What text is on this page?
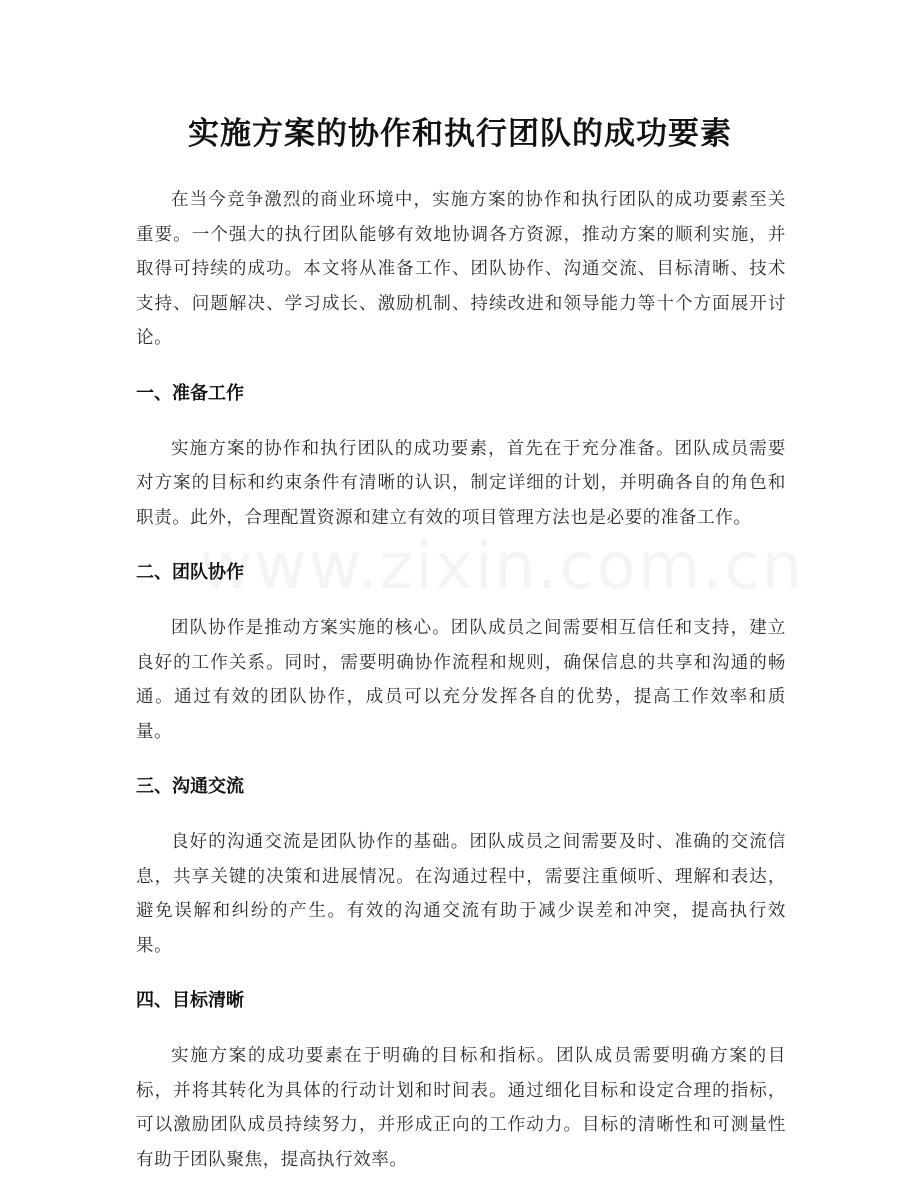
实施方案的协作和执行团队的成功要素

在当今竞争激烈的商业环境中，实施方案的协作和执行团队的成功要素至关重要。一个强大的执行团队能够有效地协调各方资源，推动方案的顺利实施，并取得可持续的成功。本文将从准备工作、团队协作、沟通交流、目标清晰、技术支持、问题解决、学习成长、激励机制、持续改进和领导能力等十个方面展开讨论。

一、准备工作

实施方案的协作和执行团队的成功要素，首先在于充分准备。团队成员需要对方案的目标和约束条件有清晰的认识，制定详细的计划，并明确各自的角色和职责。此外，合理配置资源和建立有效的项目管理方法也是必要的准备工作。

二、团队协作

团队协作是推动方案实施的核心。团队成员之间需要相互信任和支持，建立良好的工作关系。同时，需要明确协作流程和规则，确保信息的共享和沟通的畅通。通过有效的团队协作，成员可以充分发挥各自的优势，提高工作效率和质量。

三、沟通交流

良好的沟通交流是团队协作的基础。团队成员之间需要及时、准确的交流信息，共享关键的决策和进展情况。在沟通过程中，需要注重倾听、理解和表达，避免误解和纠纷的产生。有效的沟通交流有助于减少误差和冲突，提高执行效果。

四、目标清晰

实施方案的成功要素在于明确的目标和指标。团队成员需要明确方案的目标，并将其转化为具体的行动计划和时间表。通过细化目标和设定合理的指标，可以激励团队成员持续努力，并形成正向的工作动力。目标的清晰性和可测量性有助于团队聚焦，提高执行效率。
